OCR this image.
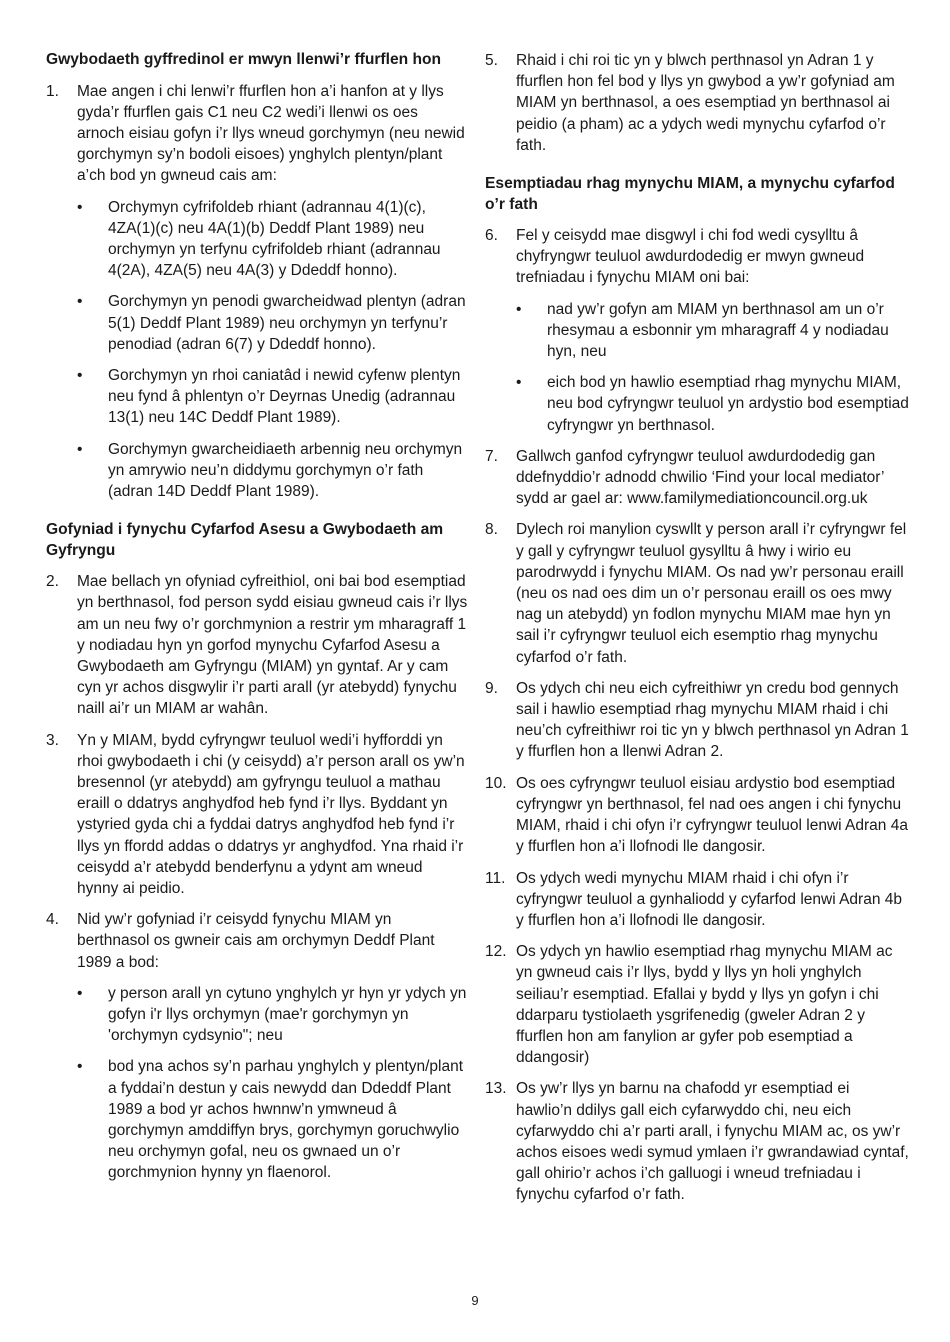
Gwybodaeth gyffredinol er mwyn llenwi’r ffurflen hon
1.	Mae angen i chi lenwi’r ffurflen hon a’i hanfon at y llys gyda’r ffurflen gais C1 neu C2 wedi’i llenwi os oes arnoch eisiau gofyn i’r llys wneud gorchymyn (neu newid gorchymyn sy’n bodoli eisoes) ynghylch plentyn/plant a’ch bod yn gwneud cais am:
•	Orchymyn cyfrifoldeb rhiant (adrannau 4(1)(c), 4ZA(1)(c) neu 4A(1)(b) Deddf Plant 1989) neu orchymyn yn terfynu cyfrifoldeb rhiant (adrannau 4(2A), 4ZA(5) neu 4A(3) y Ddeddf honno).
•	Gorchymyn yn penodi gwarcheidwad plentyn (adran 5(1) Deddf Plant 1989) neu orchymyn yn terfynu’r penodiad (adran 6(7) y Ddeddf honno).
•	Gorchymyn yn rhoi caniatâd i newid cyfenw plentyn neu fynd â phlentyn o’r Deyrnas Unedig (adrannau 13(1) neu 14C Deddf Plant 1989).
•	Gorchymyn gwarcheidiaeth arbennig neu orchymyn yn amrywio neu’n diddymu gorchymyn o’r fath (adran 14D Deddf Plant 1989).
Gofyniad i fynychu Cyfarfod Asesu a Gwybodaeth am Gyfryngu
2.	Mae bellach yn ofyniad cyfreithiol, oni bai bod esemptiad yn berthnasol, fod person sydd eisiau gwneud cais i’r llys am un neu fwy o’r gorchmynion a restrir ym mharagraff 1 y nodiadau hyn yn gorfod mynychu Cyfarfod Asesu a Gwybodaeth am Gyfryngu (MIAM) yn gyntaf. Ar y cam cyn yr achos disgwylir i’r parti arall (yr atebydd) fynychu naill ai’r un MIAM ar wahân.
3.	Yn y MIAM, bydd cyfryngwr teuluol wedi’i hyfforddi yn rhoi gwybodaeth i chi (y ceisydd) a’r person arall os yw’n bresennol (yr atebydd) am gyfryngu teuluol a mathau eraill o ddatrys anghydfod heb fynd i’r llys. Byddant yn ystyried gyda chi a fyddai datrys anghydfod heb fynd i’r llys yn ffordd addas o ddatrys yr anghydfod. Yna rhaid i’r ceisydd a’r atebydd benderfynu a ydynt am wneud hynny ai peidio.
4.	Nid yw’r gofyniad i’r ceisydd fynychu MIAM yn berthnasol os gwneir cais am orchymyn Deddf Plant 1989 a bod:
•	y person arall yn cytuno ynghylch yr hyn yr ydych yn gofyn i'r llys orchymyn (mae'r gorchymyn yn 'orchymyn cydsynio"; neu
•	bod yna achos sy’n parhau ynghylch y plentyn/plant a fyddai’n destun y cais newydd dan Ddeddf Plant 1989 a bod yr achos hwnnw’n ymwneud â gorchymyn amddiffyn brys, gorchymyn goruchwylio neu orchymyn gofal, neu os gwnaed un o’r gorchmynion hynny yn flaenorol.
5.	Rhaid i chi roi tic yn y blwch perthnasol yn Adran 1 y ffurflen hon fel bod y llys yn gwybod a yw’r gofyniad am MIAM yn berthnasol, a oes esemptiad yn berthnasol ai peidio (a pham) ac a ydych wedi mynychu cyfarfod o’r fath.
Esemptiadau rhag mynychu MIAM, a mynychu cyfarfod o’r fath
6.	Fel y ceisydd mae disgwyl i chi fod wedi cysylltu â chyfryngwr teuluol awdurdodedig er mwyn gwneud trefniadau i fynychu MIAM oni bai:
•	nad yw’r gofyn am MIAM yn berthnasol am un o’r rhesymau a esbonnir ym mharagraff 4 y nodiadau hyn, neu
•	eich bod yn hawlio esemptiad rhag mynychu MIAM, neu bod cyfryngwr teuluol yn ardystio bod esemptiad cyfryngwr yn berthnasol.
7.	Gallwch ganfod cyfryngwr teuluol awdurdodedig gan ddefnyddio’r adnodd chwilio ‘Find your local mediator’ sydd ar gael ar: www.familymediationcouncil.org.uk
8.	Dylech roi manylion cyswllt y person arall i’r cyfryngwr fel y gall y cyfryngwr teuluol gysylltu â hwy i wirio eu parodrwydd i fynychu MIAM. Os nad yw’r personau eraill (neu os nad oes dim un o’r personau eraill os oes mwy nag un atebydd) yn fodlon mynychu MIAM mae hyn yn sail i’r cyfryngwr teuluol eich esemptio rhag mynychu cyfarfod o’r fath.
9.	Os ydych chi neu eich cyfreithiwr yn credu bod gennych sail i hawlio esemptiad rhag mynychu MIAM rhaid i chi neu’ch cyfreithiwr roi tic yn y blwch perthnasol yn Adran 1 y ffurflen hon a llenwi Adran 2.
10. Os oes cyfryngwr teuluol eisiau ardystio bod esemptiad cyfryngwr yn berthnasol, fel nad oes angen i chi fynychu MIAM, rhaid i chi ofyn i’r cyfryngwr teuluol lenwi Adran 4a y ffurflen hon a’i llofnodi lle dangosir.
11. Os ydych wedi mynychu MIAM rhaid i chi ofyn i’r cyfryngwr teuluol a gynhaliodd y cyfarfod lenwi Adran 4b y ffurflen hon a’i llofnodi lle dangosir.
12. Os ydych yn hawlio esemptiad rhag mynychu MIAM ac yn gwneud cais i’r llys, bydd y llys yn holi ynghylch seiliau’r esemptiad. Efallai y bydd y llys yn gofyn i chi ddarparu tystiolaeth ysgrifenedig (gweler Adran 2 y ffurflen hon am fanylion ar gyfer pob esemptiad a ddangosir)
13. Os yw’r llys yn barnu na chafodd yr esemptiad ei hawlio’n ddilys gall eich cyfarwyddo chi, neu eich cyfarwyddo chi a’r parti arall, i fynychu MIAM ac, os yw’r achos eisoes wedi symud ymlaen i’r gwrandawiad cyntaf, gall ohirio’r achos i’ch galluogi i wneud trefniadau i fynychu cyfarfod o’r fath.
9
